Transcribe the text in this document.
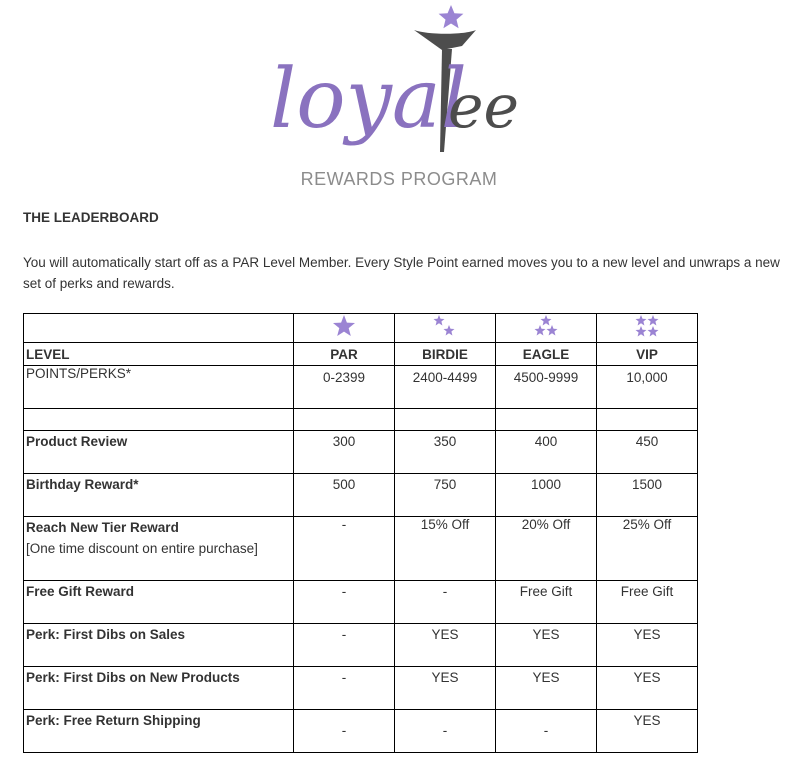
loyal
ee
REWARDS PROGRAM
THE LEADERBOARD

You will automatically start off as a PAR Level Member. Every Style Point earned moves you to a new level and unwraps a new set of perks and rewards.

LEVEL	PAR	BIRDIE	EAGLE	VIP
POINTS/PERKS*	0-2399	2400-4499	4500-9999	10,000

Product Review	300	350	400	450
Birthday Reward*	500	750	1000	1500
Reach New Tier Reward
[One time discount on entire purchase]	-	15% Off	20% Off	25% Off
Free Gift Reward	-	-	Free Gift	Free Gift
Perk: First Dibs on Sales	-	YES	YES	YES
Perk: First Dibs on New Products	-	YES	YES	YES
Perk: Free Return Shipping	-	-	-	YES
